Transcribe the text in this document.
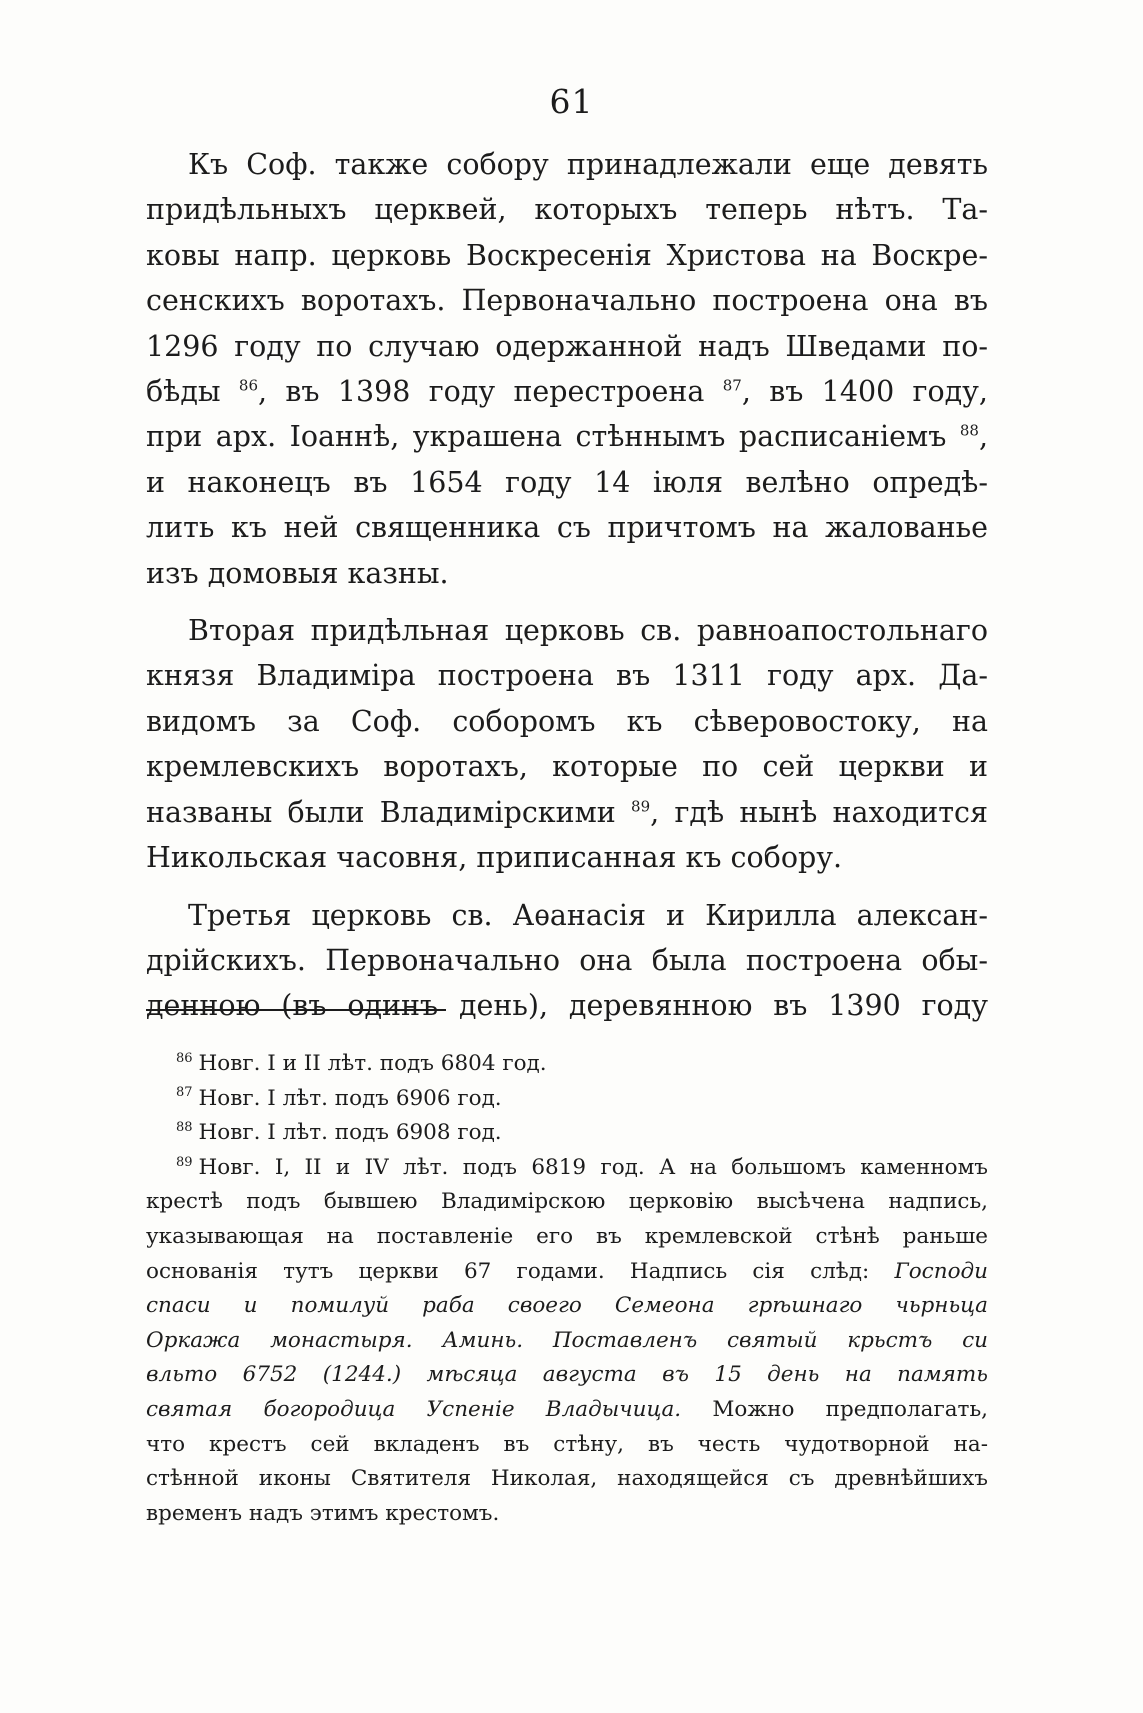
61

Къ Соф. также собору принадлежали еще девять
придѣльныхъ церквей, которыхъ теперь нѣтъ. Та-
ковы напр. церковь Воскресенія Христова на Воскре-
сенскихъ воротахъ. Первоначально построена она въ
1296 году по случаю одержанной надъ Шведами по-
бѣды $^{86}$, въ 1398 году перестроена $^{87}$, въ 1400 году,
при арх. Іоаннѣ, украшена стѣннымъ расписаніемъ $^{88}$,
и наконецъ въ 1654 году 14 іюля велѣно опредѣ-
лить къ ней священника съ причтомъ на жалованье
изъ домовыя казны.

Вторая придѣльная церковь св. равноапостольнаго
князя Владиміра построена въ 1311 году арх. Да-
видомъ за Соф. соборомъ къ сѣверовостоку, на
кремлевскихъ воротахъ, которые по сей церкви и
названы были Владимірскими $^{89}$, гдѣ нынѣ находится
Никольская часовня, приписанная къ собору.

Третья церковь св. Аѳанасія и Кирилла алексан-
дрійскихъ. Первоначально она была построена обы-
денною (въ одинъ день), деревянною въ 1390 году

$^{86}$ Новг. I и II лѣт. подъ 6804 год.
$^{87}$ Новг. I лѣт. подъ 6906 год.
$^{88}$ Новг. I лѣт. подъ 6908 год.
$^{89}$ Новг. I, II и IV лѣт. подъ 6819 год. А на большомъ каменномъ
крестѣ подъ бывшею Владимірскою церковію высѣчена надпись,
указывающая на поставленіе его въ кремлевской стѣнѣ раньше
основанія тутъ церкви 67 годами. Надпись сія слѣд: Господи
спаси и помилуй раба своего Семеона грѣшнаго чьрньца
Оркажа монастыря. Аминь. Поставленъ святый крьстъ си
вльто 6752 (1244.) мѣсяца августа въ 15 день на память
святая богородица Успеніе Владычица. Можно предполагать,
что крестъ сей вкладенъ въ стѣну, въ честь чудотворной на-
стѣнной иконы Святителя Николая, находящейся съ древнѣйшихъ
временъ надъ этимъ крестомъ.
